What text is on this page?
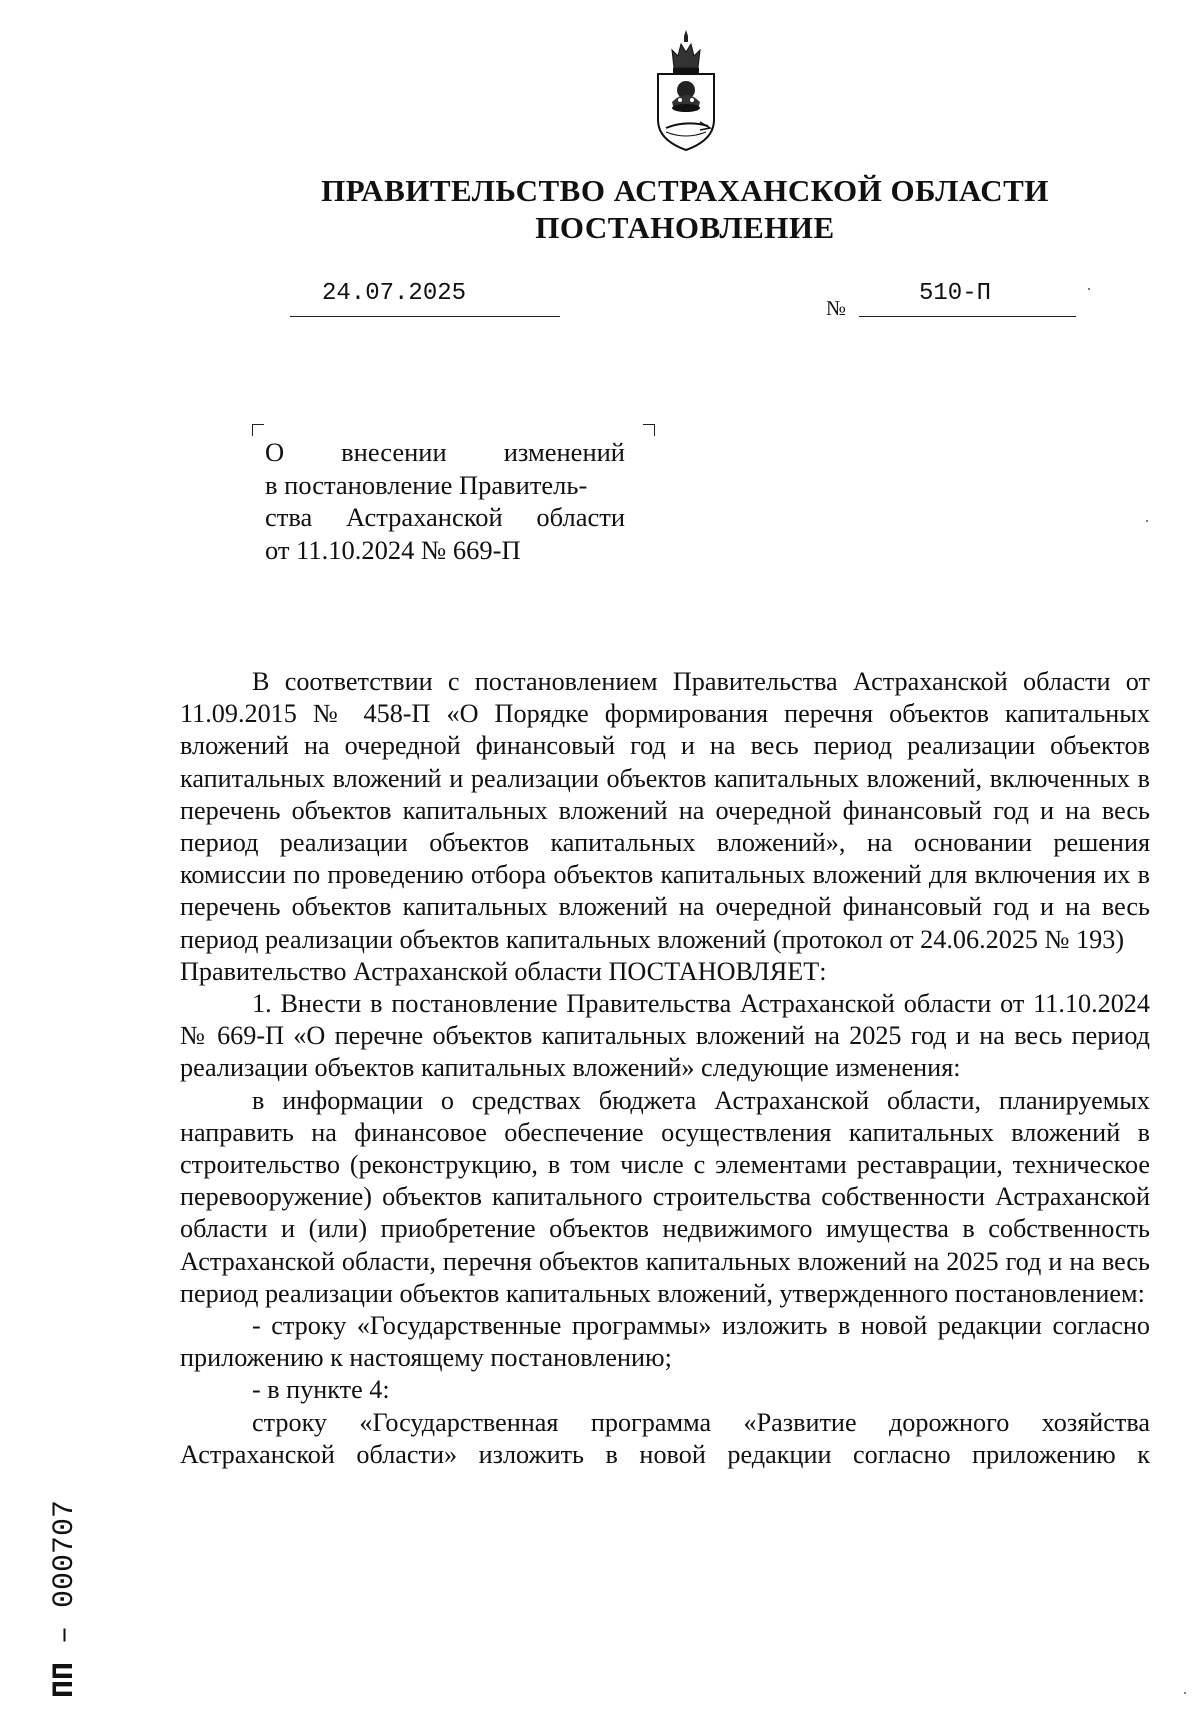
ПРАВИТЕЛЬСТВО АСТРАХАНСКОЙ ОБЛАСТИ
ПОСТАНОВЛЕНИЕ
24.07.2025
№
510-П
О внесении изменений
в постановление Правитель-
ства Астраханской области
от 11.10.2024 № 669-П

В соответствии с постановлением Правительства Астраханской области от 11.09.2015 № 458-П «О Порядке формирования перечня объектов капитальных вложений на очередной финансовый год и на весь период реализации объектов капитальных вложений и реализации объектов капитальных вложений, включенных в перечень объектов капитальных вложений на очередной финансовый год и на весь период реализации объектов капитальных вложений», на основании решения комиссии по проведению отбора объектов капитальных вложений для включения их в перечень объектов капитальных вложений на очередной финансовый год и на весь период реализации объектов капитальных вложений (протокол от 24.06.2025 № 193)

Правительство Астраханской области ПОСТАНОВЛЯЕТ:

1. Внести в постановление Правительства Астраханской области от 11.10.2024 № 669-П «О перечне объектов капитальных вложений на 2025 год и на весь период реализации объектов капитальных вложений» следующие изменения:

в информации о средствах бюджета Астраханской области, планируемых направить на финансовое обеспечение осуществления капитальных вложений в строительство (реконструкцию, в том числе с элементами реставрации, техническое перевооружение) объектов капитального строительства собственности Астраханской области и (или) приобретение объектов недвижимого имущества в собственность Астраханской области, перечня объектов капитальных вложений на 2025 год и на весь период реализации объектов капитальных вложений, утвержденного постановлением:

- строку «Государственные программы» изложить в новой редакции согласно приложению к настоящему постановлению;

- в пункте 4:

строку «Государственная программа «Развитие дорожного хозяйства Астраханской области» изложить в новой редакции согласно приложению к

ПП – 000707
